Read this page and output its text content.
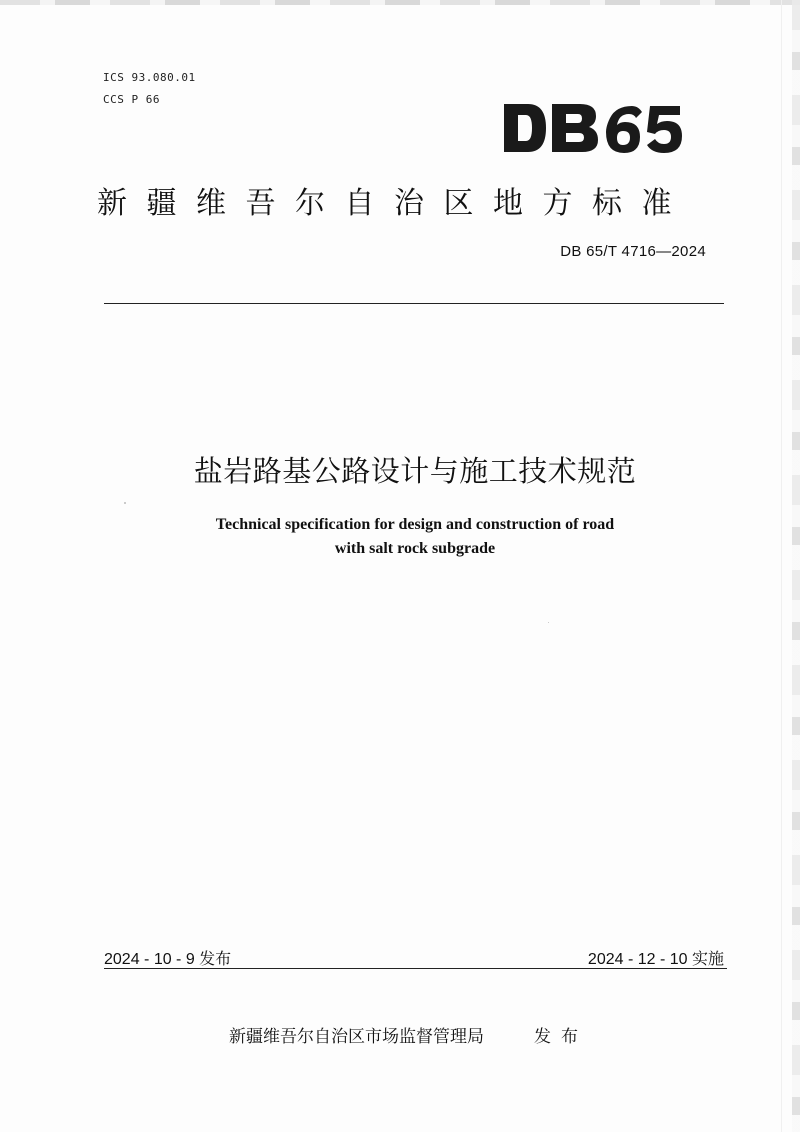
ICS 93.080.01
CCS P 66
新疆维吾尔自治区地方标准
DB 65/T 4716—2024
盐岩路基公路设计与施工技术规范
Technical specification for design and construction of road
with salt rock subgrade
2024 - 10 - 9 发布	2024 - 12 - 10 实施
新疆维吾尔自治区市场监督管理局	发布
